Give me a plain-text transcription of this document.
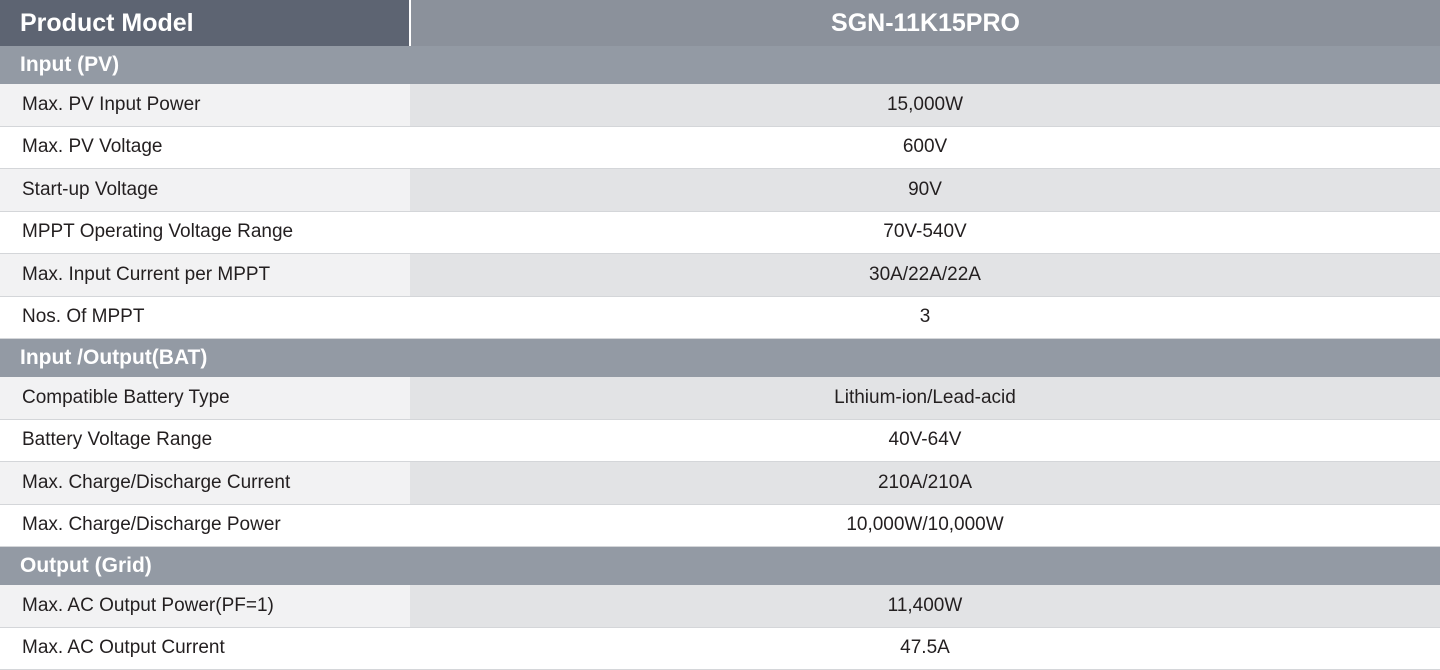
Product Model	SGN-11K15PRO
Input (PV)	
Max. PV Input Power	15,000W
Max. PV Voltage	600V
Start-up Voltage	90V
MPPT Operating Voltage Range	70V-540V
Max. Input Current per MPPT	30A/22A/22A
Nos. Of MPPT	3
Input /Output(BAT)	
Compatible Battery Type	Lithium-ion/Lead-acid
Battery Voltage Range	40V-64V
Max. Charge/Discharge Current	210A/210A
Max. Charge/Discharge Power	10,000W/10,000W
Output (Grid)	
Max. AC Output Power(PF=1)	11,400W
Max. AC Output Current	47.5A
